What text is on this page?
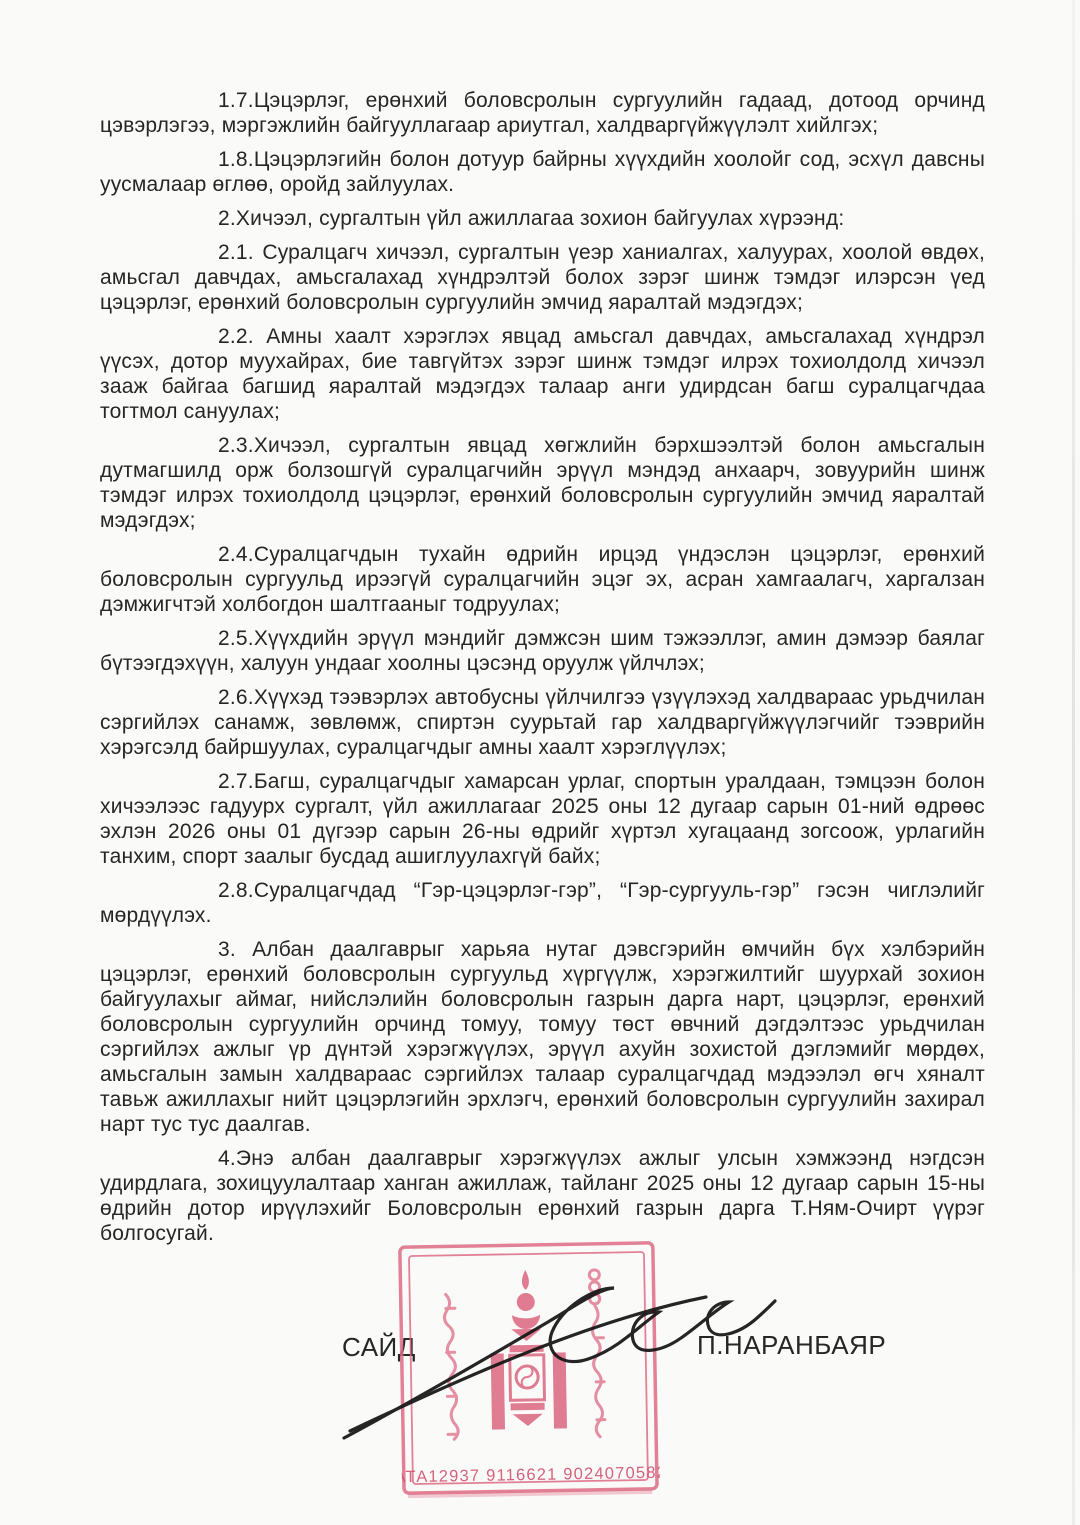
1.7.Цэцэрлэг, ерөнхий боловсролын сургуулийн гадаад, дотоод орчинд цэвэрлэгээ, мэргэжлийн байгууллагаар ариутгал, халдваргүйжүүлэлт хийлгэх;

1.8.Цэцэрлэгийн болон дотуур байрны хүүхдийн хоолойг сод, эсхүл давсны уусмалаар өглөө, оройд зайлуулах.

2.Хичээл, сургалтын үйл ажиллагаа зохион байгуулах хүрээнд:

2.1. Суралцагч хичээл, сургалтын үеэр ханиалгах, халуурах, хоолой өвдөх, амьсгал давчдах, амьсгалахад хүндрэлтэй болох зэрэг шинж тэмдэг илэрсэн үед цэцэрлэг, ерөнхий боловсролын сургуулийн эмчид яаралтай мэдэгдэх;

2.2. Амны хаалт хэрэглэх явцад амьсгал давчдах, амьсгалахад хүндрэл үүсэх, дотор муухайрах, бие тавгүйтэх зэрэг шинж тэмдэг илрэх тохиолдолд хичээл зааж байгаа багшид яаралтай мэдэгдэх талаар анги удирдсан багш суралцагчдаа тогтмол сануулах;

2.3.Хичээл, сургалтын явцад хөгжлийн бэрхшээлтэй болон амьсгалын дутмагшилд орж болзошгүй суралцагчийн эрүүл мэндэд анхаарч, зовуурийн шинж тэмдэг илрэх тохиолдолд цэцэрлэг, ерөнхий боловсролын сургуулийн эмчид яаралтай мэдэгдэх;

2.4.Суралцагчдын тухайн өдрийн ирцэд үндэслэн цэцэрлэг, ерөнхий боловсролын сургуульд ирээгүй суралцагчийн эцэг эх, асран хамгаалагч, харгалзан дэмжигчтэй холбогдон шалтгааныг тодруулах;

2.5.Хүүхдийн эрүүл мэндийг дэмжсэн шим тэжээллэг, амин дэмээр баялаг бүтээгдэхүүн, халуун ундааг хоолны цэсэнд оруулж үйлчлэх;

2.6.Хүүхэд тээвэрлэх автобусны үйлчилгээ үзүүлэхэд халдвараас урьдчилан сэргийлэх санамж, зөвлөмж, спиртэн суурьтай гар халдваргүйжүүлэгчийг тээврийн хэрэгсэлд байршуулах, суралцагчдыг амны хаалт хэрэглүүлэх;

2.7.Багш, суралцагчдыг хамарсан урлаг, спортын уралдаан, тэмцээн болон хичээлээс гадуурх сургалт, үйл ажиллагааг 2025 оны 12 дугаар сарын 01-ний өдрөөс эхлэн 2026 оны 01 дүгээр сарын 26-ны өдрийг хүртэл хугацаанд зогсоож, урлагийн танхим, спорт заалыг бусдад ашиглуулахгүй байх;

2.8.Суралцагчдад “Гэр-цэцэрлэг-гэр”, “Гэр-сургууль-гэр” гэсэн чиглэлийг мөрдүүлэх.

3. Албан даалгаврыг харьяа нутаг дэвсгэрийн өмчийн бүх хэлбэрийн цэцэрлэг, ерөнхий боловсролын сургуульд хүргүүлж, хэрэгжилтийг шуурхай зохион байгуулахыг аймаг, нийслэлийн боловсролын газрын дарга нарт, цэцэрлэг, ерөнхий боловсролын сургуулийн орчинд томуу, томуу төст өвчний дэгдэлтээс урьдчилан сэргийлэх ажлыг үр дүнтэй хэрэгжүүлэх, эрүүл ахуйн зохистой дэглэмийг мөрдөх, амьсгалын замын халдвараас сэргийлэх талаар суралцагчдад мэдээлэл өгч хяналт тавьж ажиллахыг нийт цэцэрлэгийн эрхлэгч, ерөнхий боловсролын сургуулийн захирал нарт тус тус даалгав.

4.Энэ албан даалгаврыг хэрэгжүүлэх ажлыг улсын хэмжээнд нэгдсэн удирдлага, зохицуулалтаар ханган ажиллаж, тайланг 2025 оны 12 дугаар сарын 15-ны өдрийн дотор ирүүлэхийг Боловсролын ерөнхий газрын дарга Т.Ням-Очирт үүрэг болгосугай.

САЙД	П.НАРАНБАЯР
АТА12937 9116621 9024070582
